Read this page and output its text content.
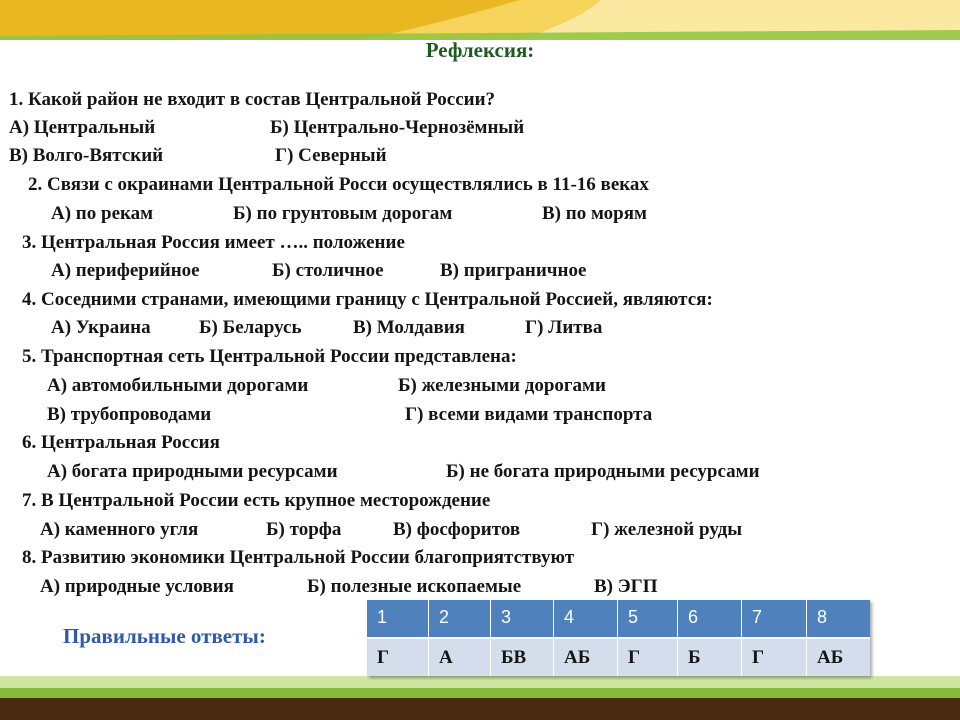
Рефлексия:
1. Какой район не входит в состав Центральной России?
А) Центральный	Б) Центрально-Чернозёмный
В) Волго-Вятский	Г) Северный
2. Связи с окраинами Центральной Росси осуществлялись в 11-16 веках
А) по рекам	Б) по грунтовым дорогам	В) по морям
3. Центральная Россия имеет ….. положение
А) периферийное	Б) столичное	В) приграничное
4. Соседними странами, имеющими границу с Центральной Россией, являются:
А) Украина	Б) Беларусь	В) Молдавия	Г) Литва
5. Транспортная сеть Центральной России представлена:
А) автомобильными дорогами	Б) железными дорогами
В) трубопроводами	Г) всеми видами транспорта
6. Центральная Россия
А) богата природными ресурсами	Б) не богата природными ресурсами
7. В Центральной России есть крупное месторождение
А) каменного угля	Б) торфа	В) фосфоритов	Г) железной руды
8. Развитию экономики Центральной России благоприятствуют
А) природные условия	Б) полезные ископаемые	В) ЭГП
Правильные ответы:
1	2	3	4	5	6	7	8
Г	А	БВ	АБ	Г	Б	Г	АБ
